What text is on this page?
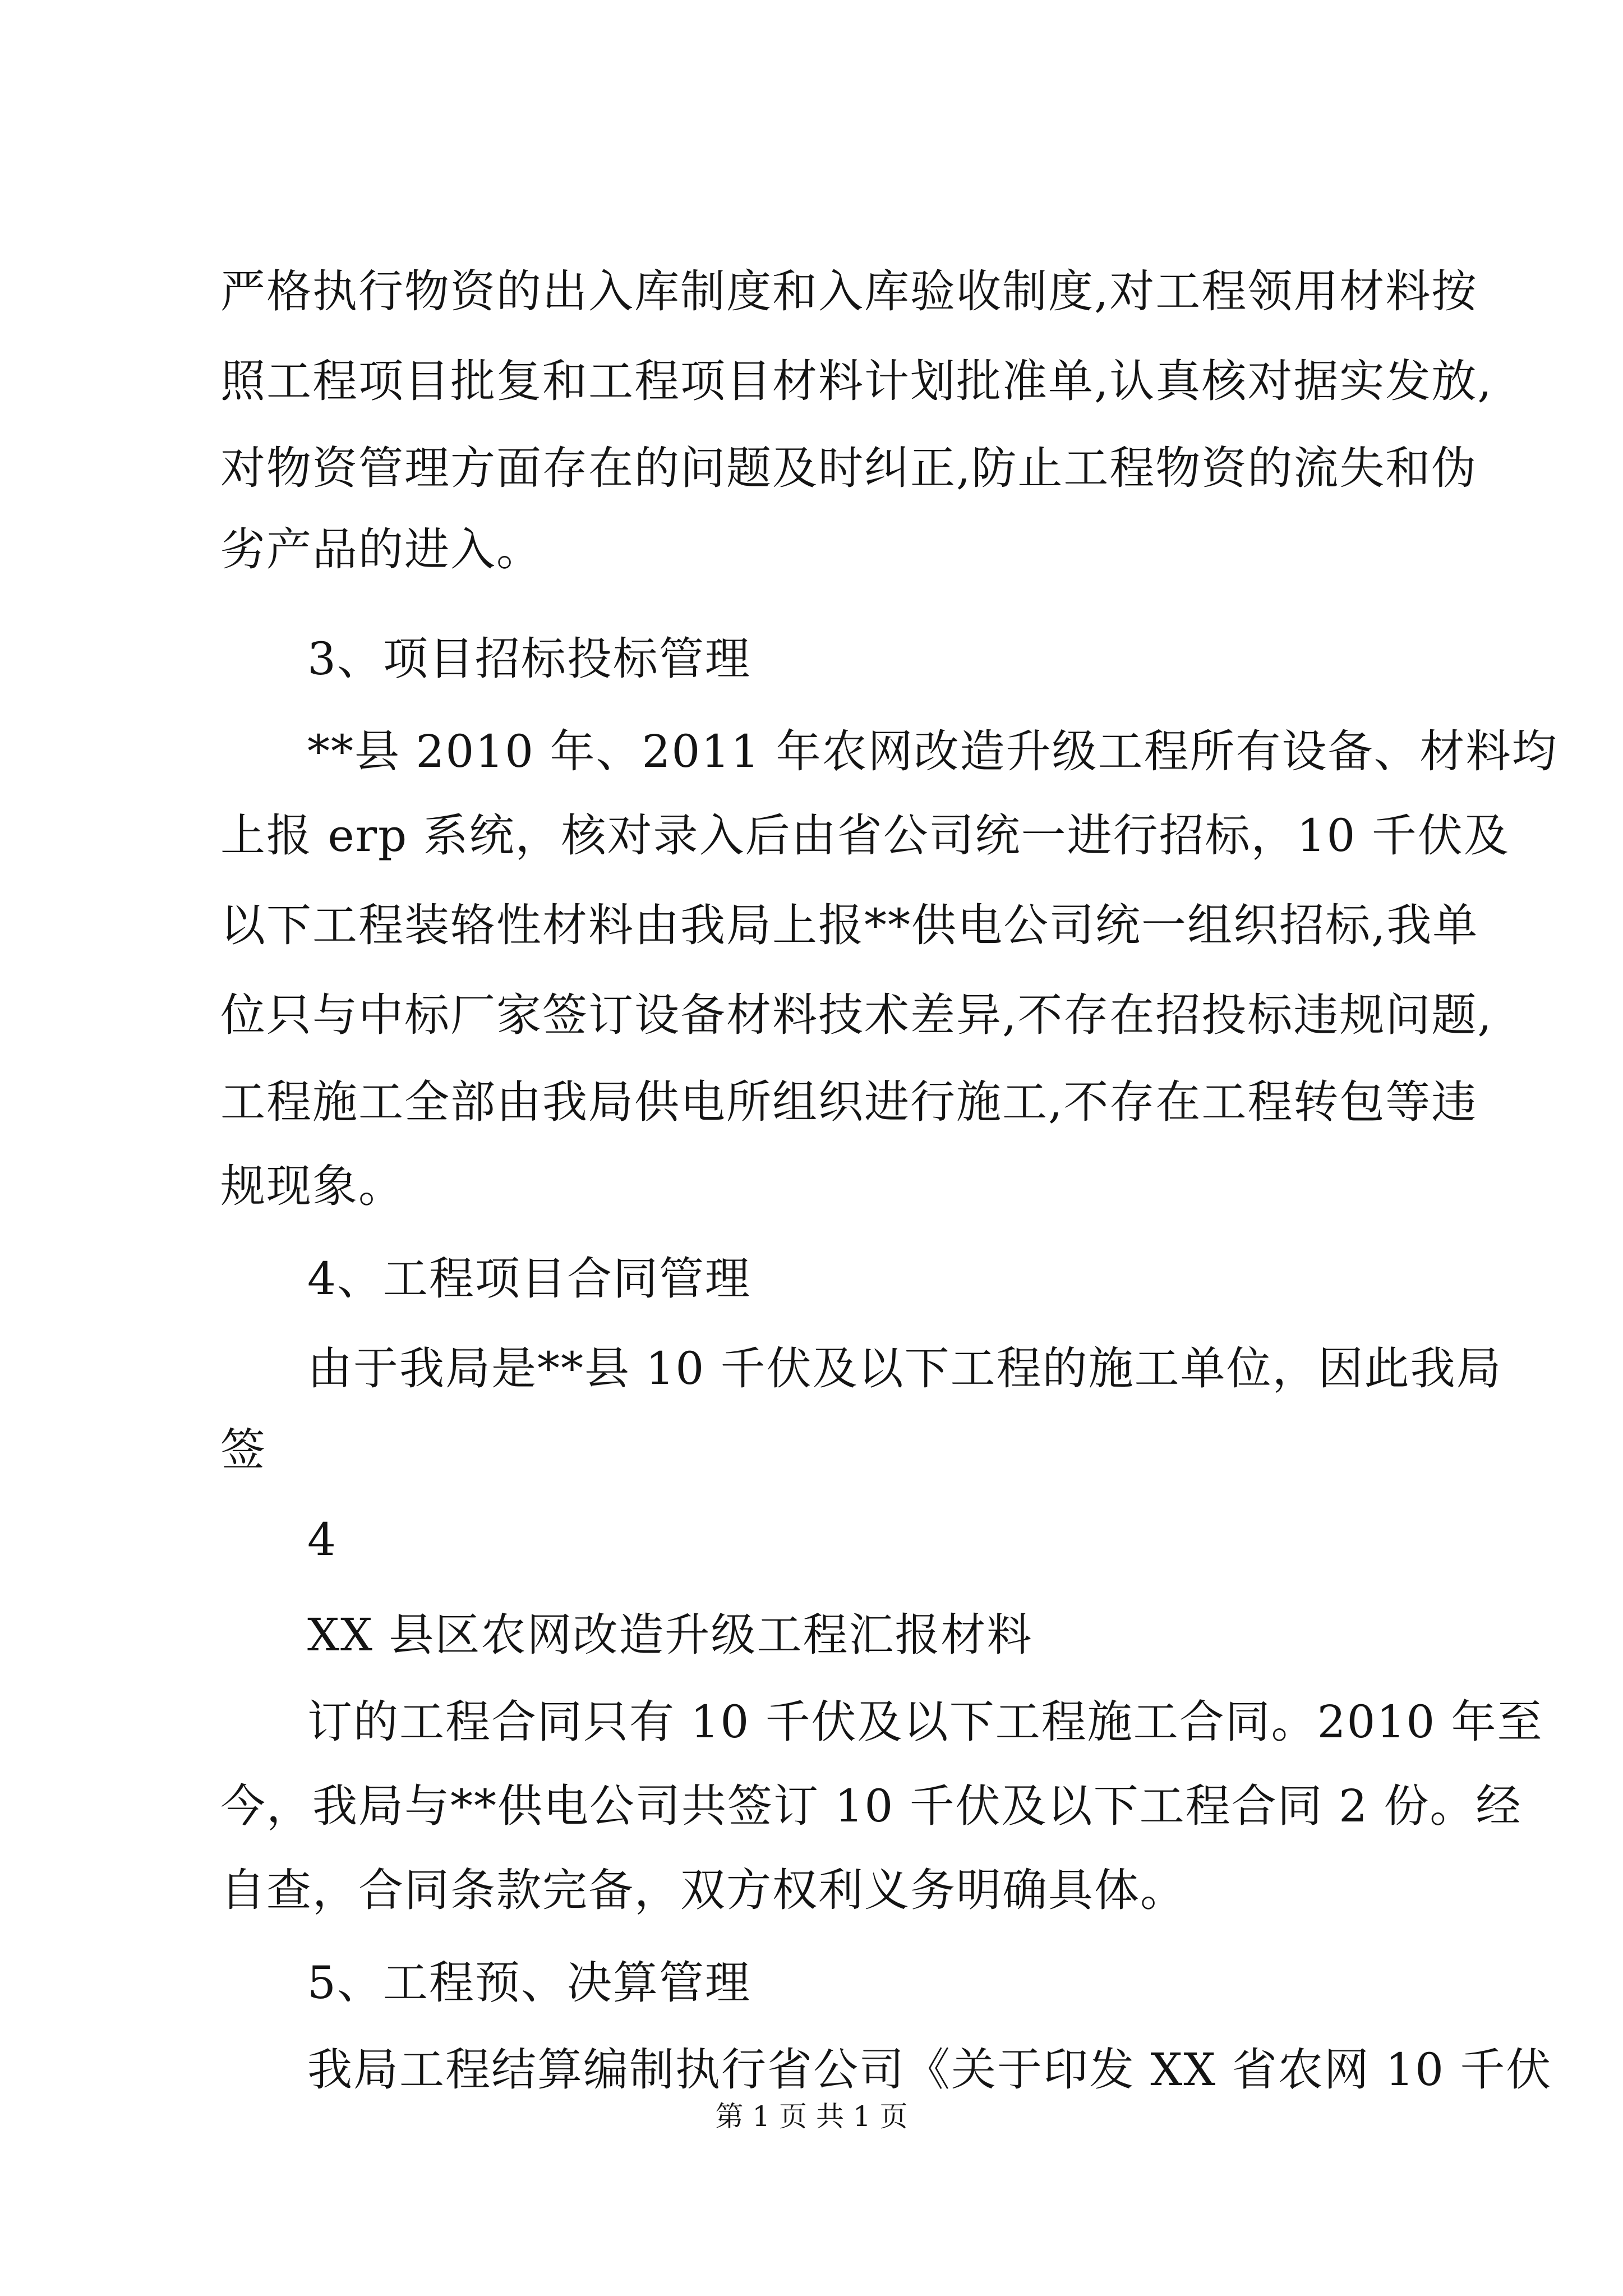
严格执行物资的出入库制度和入库验收制度,对工程领用材料按
照工程项目批复和工程项目材料计划批准单,认真核对据实发放,
对物资管理方面存在的问题及时纠正,防止工程物资的流失和伪
劣产品的进入。
3、项目招标投标管理
**县 2010 年、2011 年农网改造升级工程所有设备、材料均
上报 erp 系统，核对录入后由省公司统一进行招标，10 千伏及
以下工程装辂性材料由我局上报**供电公司统一组织招标,我单
位只与中标厂家签订设备材料技术差异,不存在招投标违规问题,
工程施工全部由我局供电所组织进行施工,不存在工程转包等违
规现象。
4、工程项目合同管理
由于我局是**县 10 千伏及以下工程的施工单位，因此我局
签
4
XX 县区农网改造升级工程汇报材料
订的工程合同只有 10 千伏及以下工程施工合同。2010 年至
今，我局与**供电公司共签订 10 千伏及以下工程合同 2 份。经
自查，合同条款完备，双方权利义务明确具体。
5、工程预、决算管理
我局工程结算编制执行省公司《关于印发 XX 省农网 10 千伏
第 1 页 共 1 页
